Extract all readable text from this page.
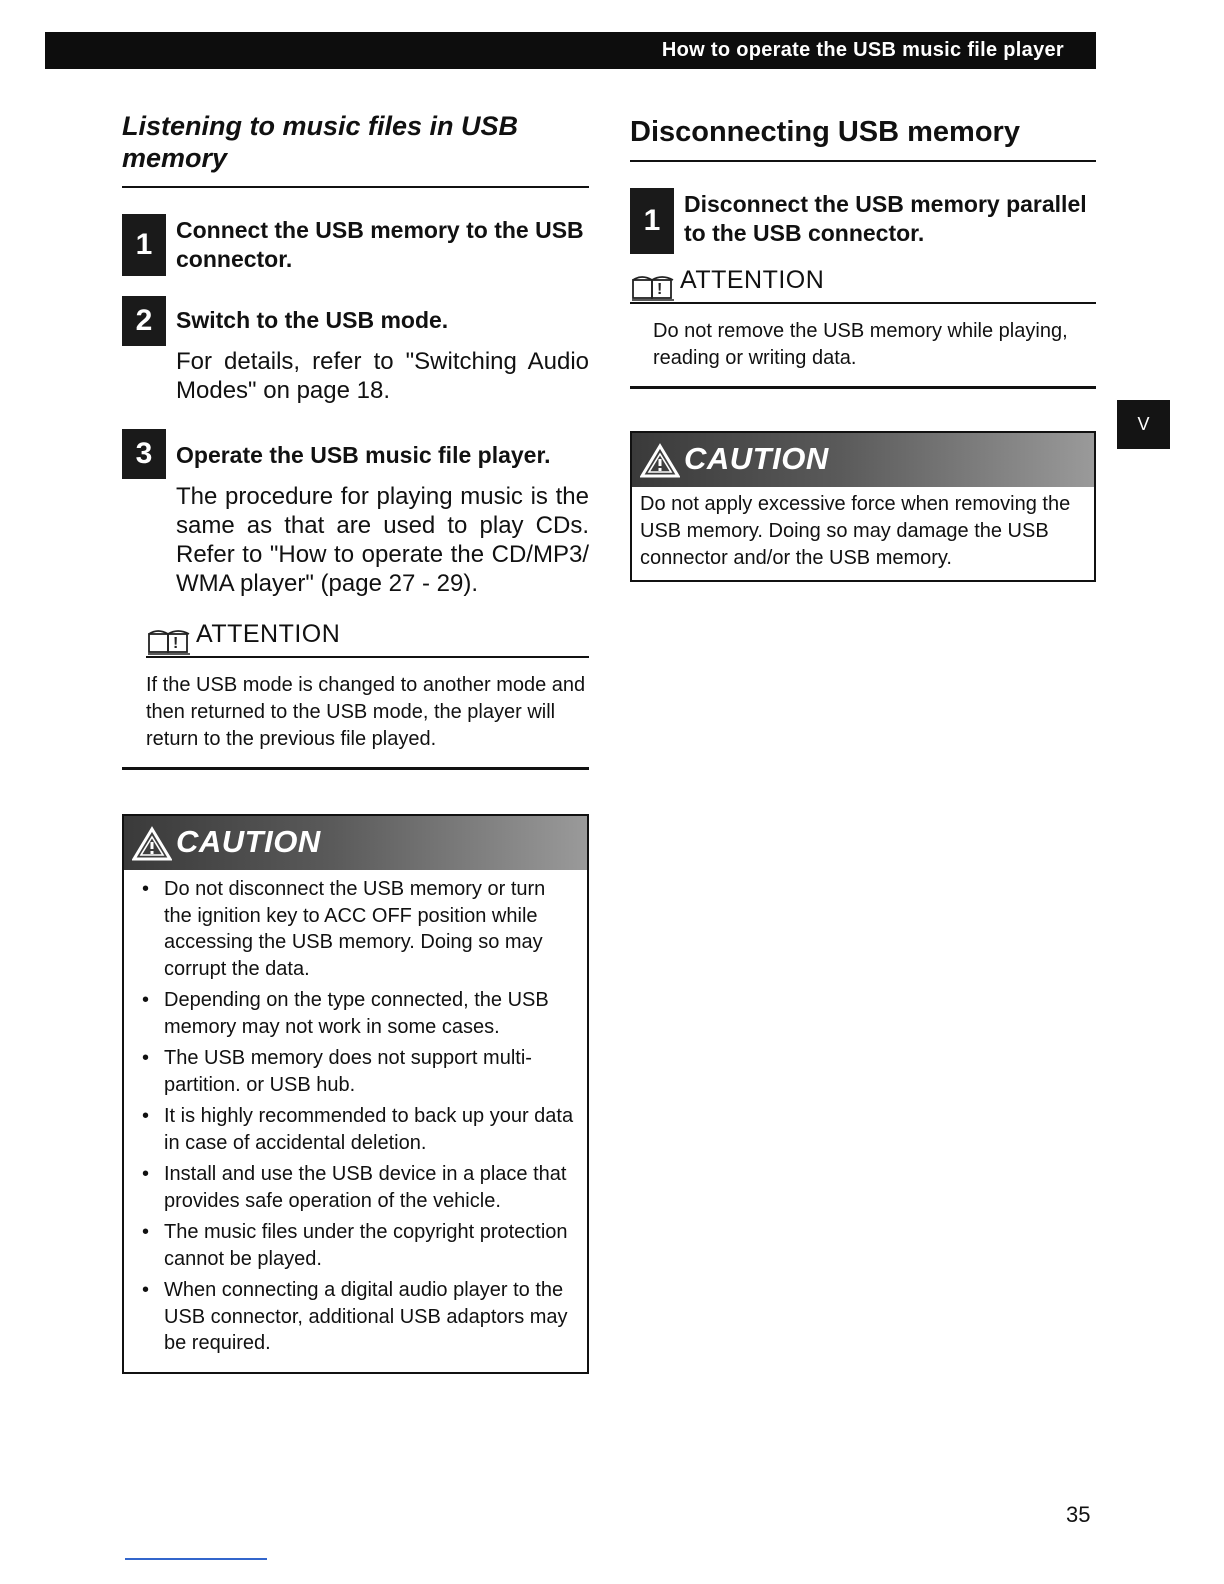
How to operate the USB music file player
Listening to music files in USB memory
1	Connect the USB memory to the USB connector.

2	Switch to the USB mode.

For details, refer to "Switching Audio Modes" on page 18.

3	Operate the USB music file player.

The procedure for playing music is the same as that are used to play CDs. Refer to "How to operate the CD/MP3/ WMA player" (page 27 - 29).

! ATTENTION

If the USB mode is changed to another mode and then returned to the USB mode, the player will return to the previous file played.

CAUTION
• Do not disconnect the USB memory or turn the ignition key to ACC OFF position while accessing the USB memory. Doing so may corrupt the data.
• Depending on the type connected, the USB memory may not work in some cases.
• The USB memory does not support multi-partition. or USB hub.
• It is highly recommended to back up your data in case of accidental deletion.
• Install and use the USB device in a place that provides safe operation of the vehicle.
• The music files under the copyright protection cannot be played.
• When connecting a digital audio player to the USB connector, additional USB adaptors may be required.
Disconnecting USB memory
1	Disconnect the USB memory parallel to the USB connector.

! ATTENTION

Do not remove the USB memory while playing, reading or writing data.

CAUTION

Do not apply excessive force when removing the USB memory. Doing so may damage the USB connector and/or the USB memory.

V
35
